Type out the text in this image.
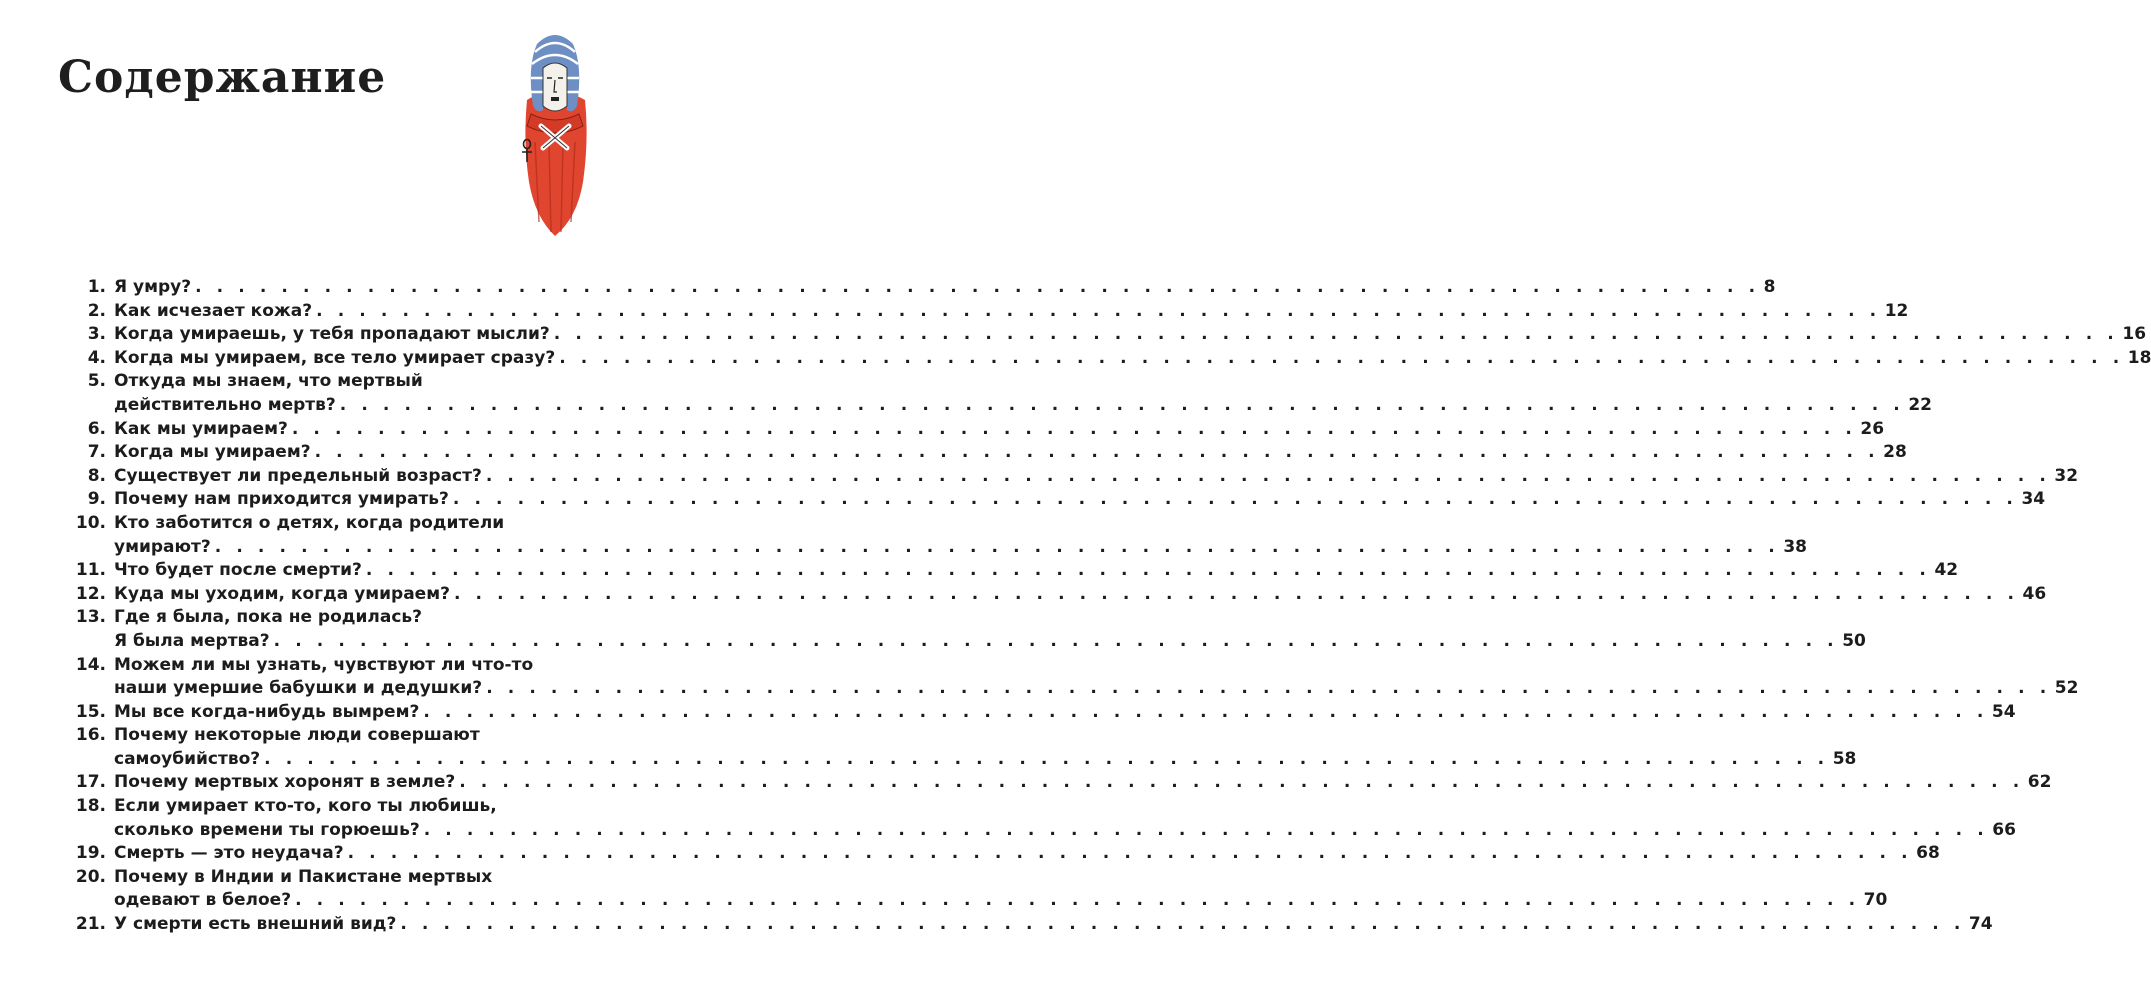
Содержание
1. Я умру? . . .	8
2. Как исчезает кожа? . . .	12
3. Когда умираешь, у тебя пропадают мысли? . . .	16
4. Когда мы умираем, все тело умирает сразу? . . .	18
5. Откуда мы знаем, что мертвый
действительно мертв? . . .	22
6. Как мы умираем? . . .	26
7. Когда мы умираем? . . .	28
8. Существует ли предельный возраст? . . .	32
9. Почему нам приходится умирать? . . .	34
10. Кто заботится о детях, когда родители
умирают? . . .	38
11. Что будет после смерти? . . .	42
12. Куда мы уходим, когда умираем? . . .	46
13. Где я была, пока не родилась?
Я была мертва? . . .	50
14. Можем ли мы узнать, чувствуют ли что-то
наши умершие бабушки и дедушки? . . .	52
15. Мы все когда-нибудь вымрем? . . .	54
16. Почему некоторые люди совершают
самоубийство? . . .	58
17. Почему мертвых хоронят в земле? . . .	62
18. Если умирает кто-то, кого ты любишь,
сколько времени ты горюешь? . . .	66
19. Смерть — это неудача? . . .	68
20. Почему в Индии и Пакистане мертвых
одевают в белое? . . .	70
21. У смерти есть внешний вид? . . .	74
